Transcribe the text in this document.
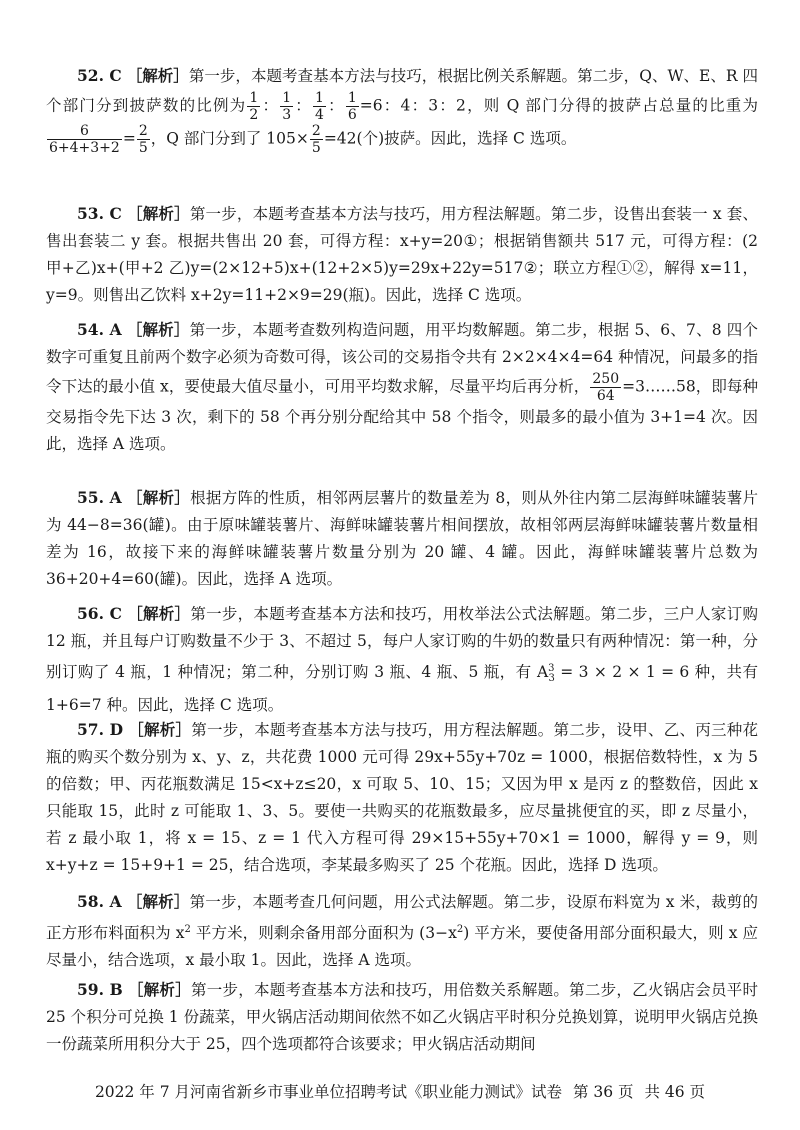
52. C ［解析］第一步，本题考查基本方法与技巧，根据比例关系解题。第二步，Q、W、E、R 四个部门分到披萨数的比例为 $\frac{1}{2}$ ： $\frac{1}{3}$ ： $\frac{1}{4}$ ： $\frac{1}{6} =6$：4：3：2，则 Q 部门分得的披萨占总量的比重为
$\frac{6}{6+4+3+2} = \frac{2}{5}$ ，Q 部门分到了 $105\times \frac{2}{5} =42$(个)披萨。因此，选择 C 选项。
53. C ［解析］第一步，本题考查基本方法与技巧，用方程法解题。第二步，设售出套装一 x 套、售出套装二 y 套。根据共售出 20 套，可得方程：x+y=20①；根据销售额共 517 元，可得方程：(2 甲+乙)x+(甲+2 乙)y=(2×12+5)x+(12+2×5)y=29x+22y=517②；联立方程①②，解得 x=11，y=9。则售出乙饮料 x+2y=11+2×9=29(瓶)。因此，选择 C 选项。
54. A ［解析］第一步，本题考查数列构造问题，用平均数解题。第二步，根据 5、6、7、8 四个数字可重复且前两个数字必须为奇数可得，该公司的交易指令共有 2×2×4×4=64 种情况，问最多的指令下达的最小值 x，要使最大值尽量小，可用平均数求解，尽量平均后再分析， $\frac{250}{64}$ =3……58，即每种交易指令先下达 3 次，剩下的 58 个再分别分配给其中 58 个指令，则最多的最小值为 3+1=4 次。因此，选择 A 选项。
55. A ［解析］根据方阵的性质，相邻两层薯片的数量差为 8，则从外往内第二层海鲜味罐装薯片为 44−8=36(罐)。由于原味罐装薯片、海鲜味罐装薯片相间摆放，故相邻两层海鲜味罐装薯片数量相差为 16，故接下来的海鲜味罐装薯片数量分别为 20 罐、4 罐。因此，海鲜味罐装薯片总数为 36+20+4=60(罐)。因此，选择 A 选项。
56. C ［解析］第一步，本题考查基本方法和技巧，用枚举法公式法解题。第二步，三户人家订购 12 瓶，并且每户订购数量不少于 3、不超过 5，每户人家订购的牛奶的数量只有两种情况：第一种，分别订购了 4 瓶，1 种情况；第二种，分别订购 3 瓶、4 瓶、5 瓶，有 $A^3_3 = 3 \times 2 \times 1 = 6$ 种，共有 1+6=7 种。因此，选择 C 选项。
57. D ［解析］第一步，本题考查基本方法与技巧，用方程法解题。第二步，设甲、乙、丙三种花瓶的购买个数分别为 x、y、z，共花费 1000 元可得 29x+55y+70z = 1000，根据倍数特性，x 为 5 的倍数；甲、丙花瓶数满足 15<x+z≤20，x 可取 5、10、15；又因为甲 x 是丙 z 的整数倍，因此 x 只能取 15，此时 z 可能取 1、3、5。要使一共购买的花瓶数最多，应尽量挑便宜的买，即 z 尽量小，若 z 最小取 1，将 x = 15、z = 1 代入方程可得 29×15+55y+70×1 = 1000，解得 y = 9，则 x+y+z = 15+9+1 = 25，结合选项，李某最多购买了 25 个花瓶。因此，选择 D 选项。
58. A ［解析］第一步，本题考查几何问题，用公式法解题。第二步，设原布料宽为 x 米，裁剪的正方形布料面积为 $x^2$ 平方米，则剩余备用部分面积为 $(3-x^2)$ 平方米，要使备用部分面积最大，则 x 应尽量小，结合选项，x 最小取 1。因此，选择 A 选项。
59. B ［解析］第一步，本题考查基本方法和技巧，用倍数关系解题。第二步，乙火锅店会员平时 25 个积分可兑换 1 份蔬菜，甲火锅店活动期间依然不如乙火锅店平时积分兑换划算，说明甲火锅店兑换一份蔬菜所用积分大于 25，四个选项都符合该要求；甲火锅店活动期间
2022 年 7 月河南省新乡市事业单位招聘考试《职业能力测试》试卷 第 36 页 共 46 页
